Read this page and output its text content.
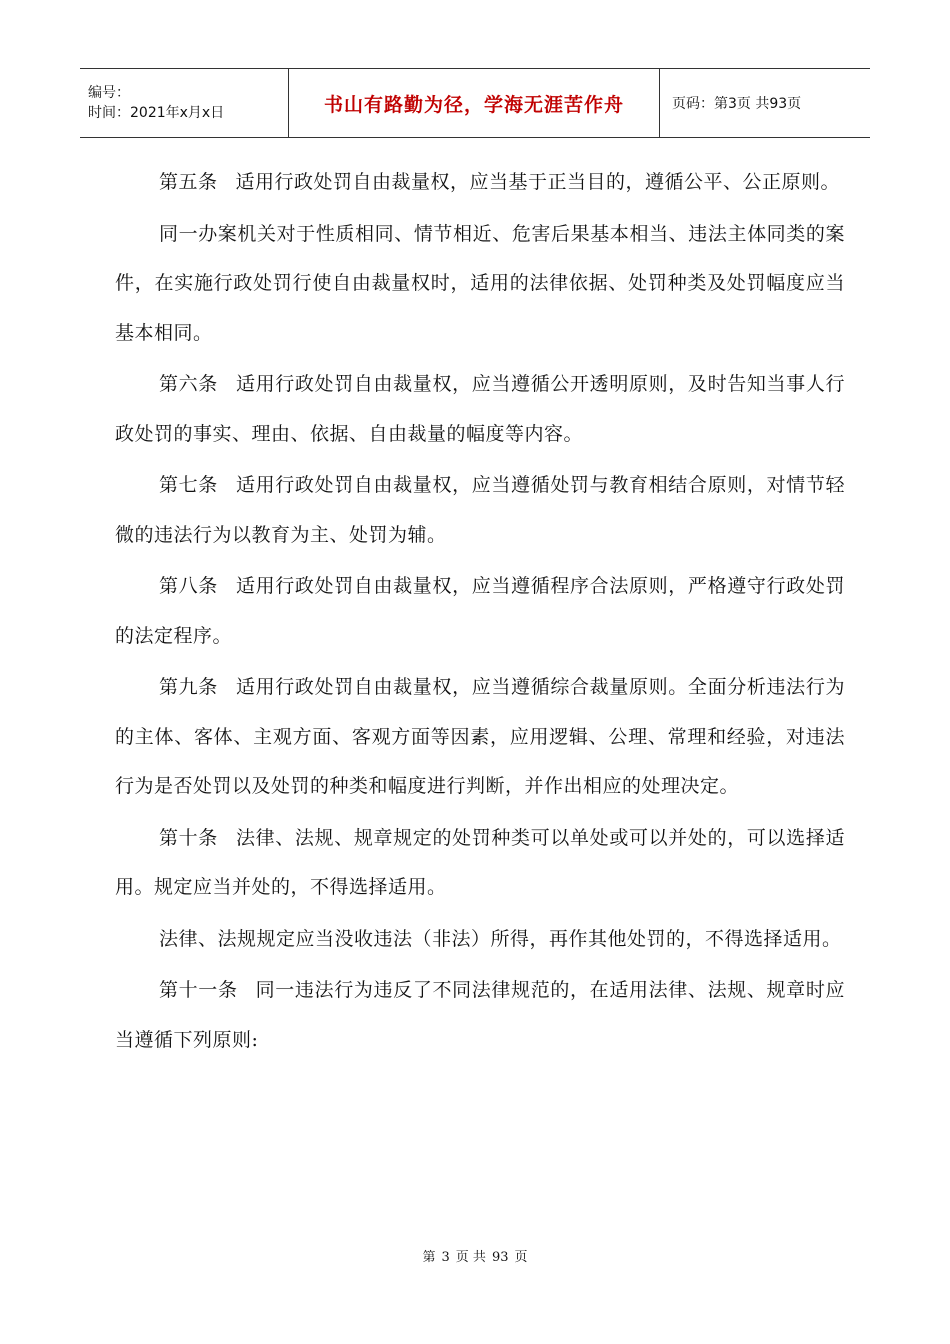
编号：
时间：2021年x月x日	书山有路勤为径，学海无涯苦作舟	页码：第3页 共93页

第五条 适用行政处罚自由裁量权，应当基于正当目的，遵循公平、公正原则。

同一办案机关对于性质相同、情节相近、危害后果基本相当、违法主体同类的案件，在实施行政处罚行使自由裁量权时，适用的法律依据、处罚种类及处罚幅度应当基本相同。

第六条 适用行政处罚自由裁量权，应当遵循公开透明原则，及时告知当事人行政处罚的事实、理由、依据、自由裁量的幅度等内容。

第七条 适用行政处罚自由裁量权，应当遵循处罚与教育相结合原则，对情节轻微的违法行为以教育为主、处罚为辅。

第八条 适用行政处罚自由裁量权，应当遵循程序合法原则，严格遵守行政处罚的法定程序。

第九条 适用行政处罚自由裁量权，应当遵循综合裁量原则。全面分析违法行为的主体、客体、主观方面、客观方面等因素，应用逻辑、公理、常理和经验，对违法行为是否处罚以及处罚的种类和幅度进行判断，并作出相应的处理决定。

第十条 法律、法规、规章规定的处罚种类可以单处或可以并处的，可以选择适用。规定应当并处的，不得选择适用。

法律、法规规定应当没收违法（非法）所得，再作其他处罚的，不得选择适用。

第十一条 同一违法行为违反了不同法律规范的，在适用法律、法规、规章时应当遵循下列原则:

第 3 页 共 93 页
